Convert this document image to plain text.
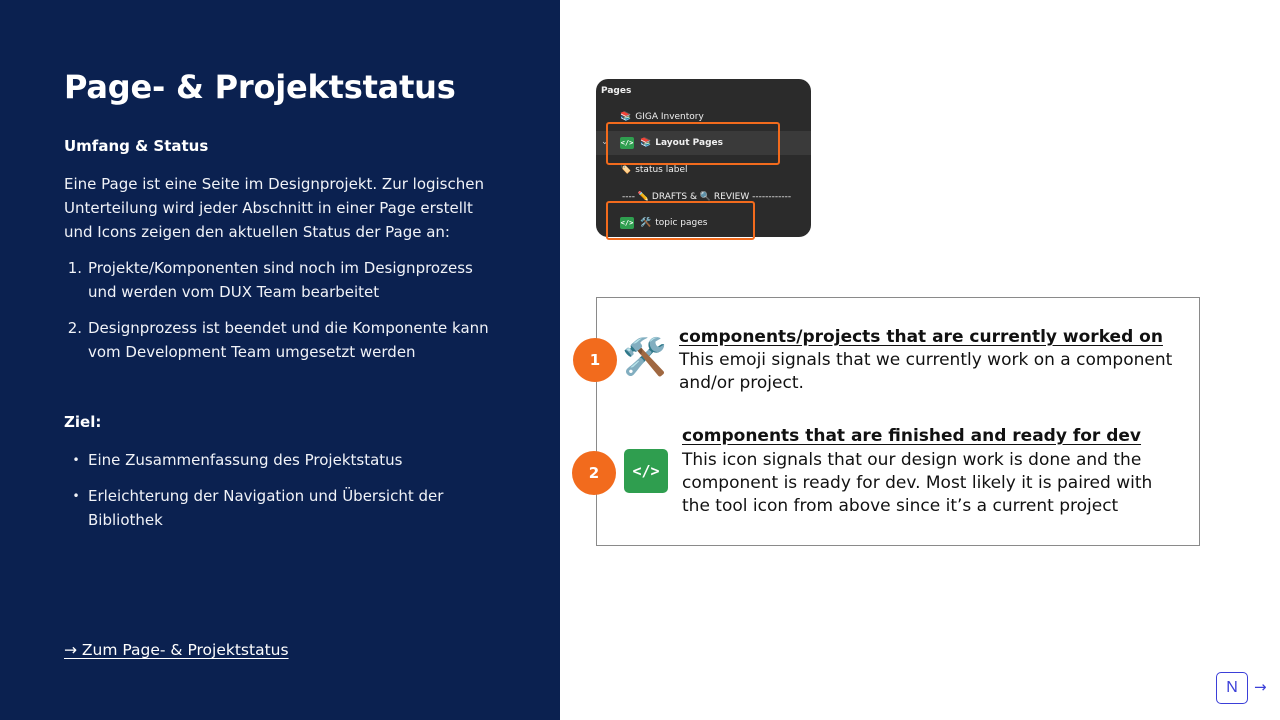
Page- & Projektstatus
Umfang & Status
Eine Page ist eine Seite im Designprojekt. Zur logischen Unterteilung wird jeder Abschnitt in einer Page erstellt und Icons zeigen den aktuellen Status der Page an:
1. Projekte/Komponenten sind noch im Designprozess und werden vom DUX Team bearbeitet
2. Designprozess ist beendet und die Komponente kann vom Development Team umgesetzt werden
Ziel:
• Eine Zusammenfassung des Projektstatus
• Erleichterung der Navigation und Übersicht der Bibliothek
→ Zum Page- & Projektstatus
Pages
📚 GIGA Inventory
⌄ </> 📚 Layout Pages
🏷️ status label
---- ✏️ DRAFTS & 🔍 REVIEW ------------
</> 🛠️ topic pages
1 🛠️ components/projects that are currently worked on
This emoji signals that we currently work on a component and/or project.
2	</>
components that are finished and ready for dev
This icon signals that our design work is done and the component is ready for dev. Most likely it is paired with the tool icon from above since it’s a current project
N	→
